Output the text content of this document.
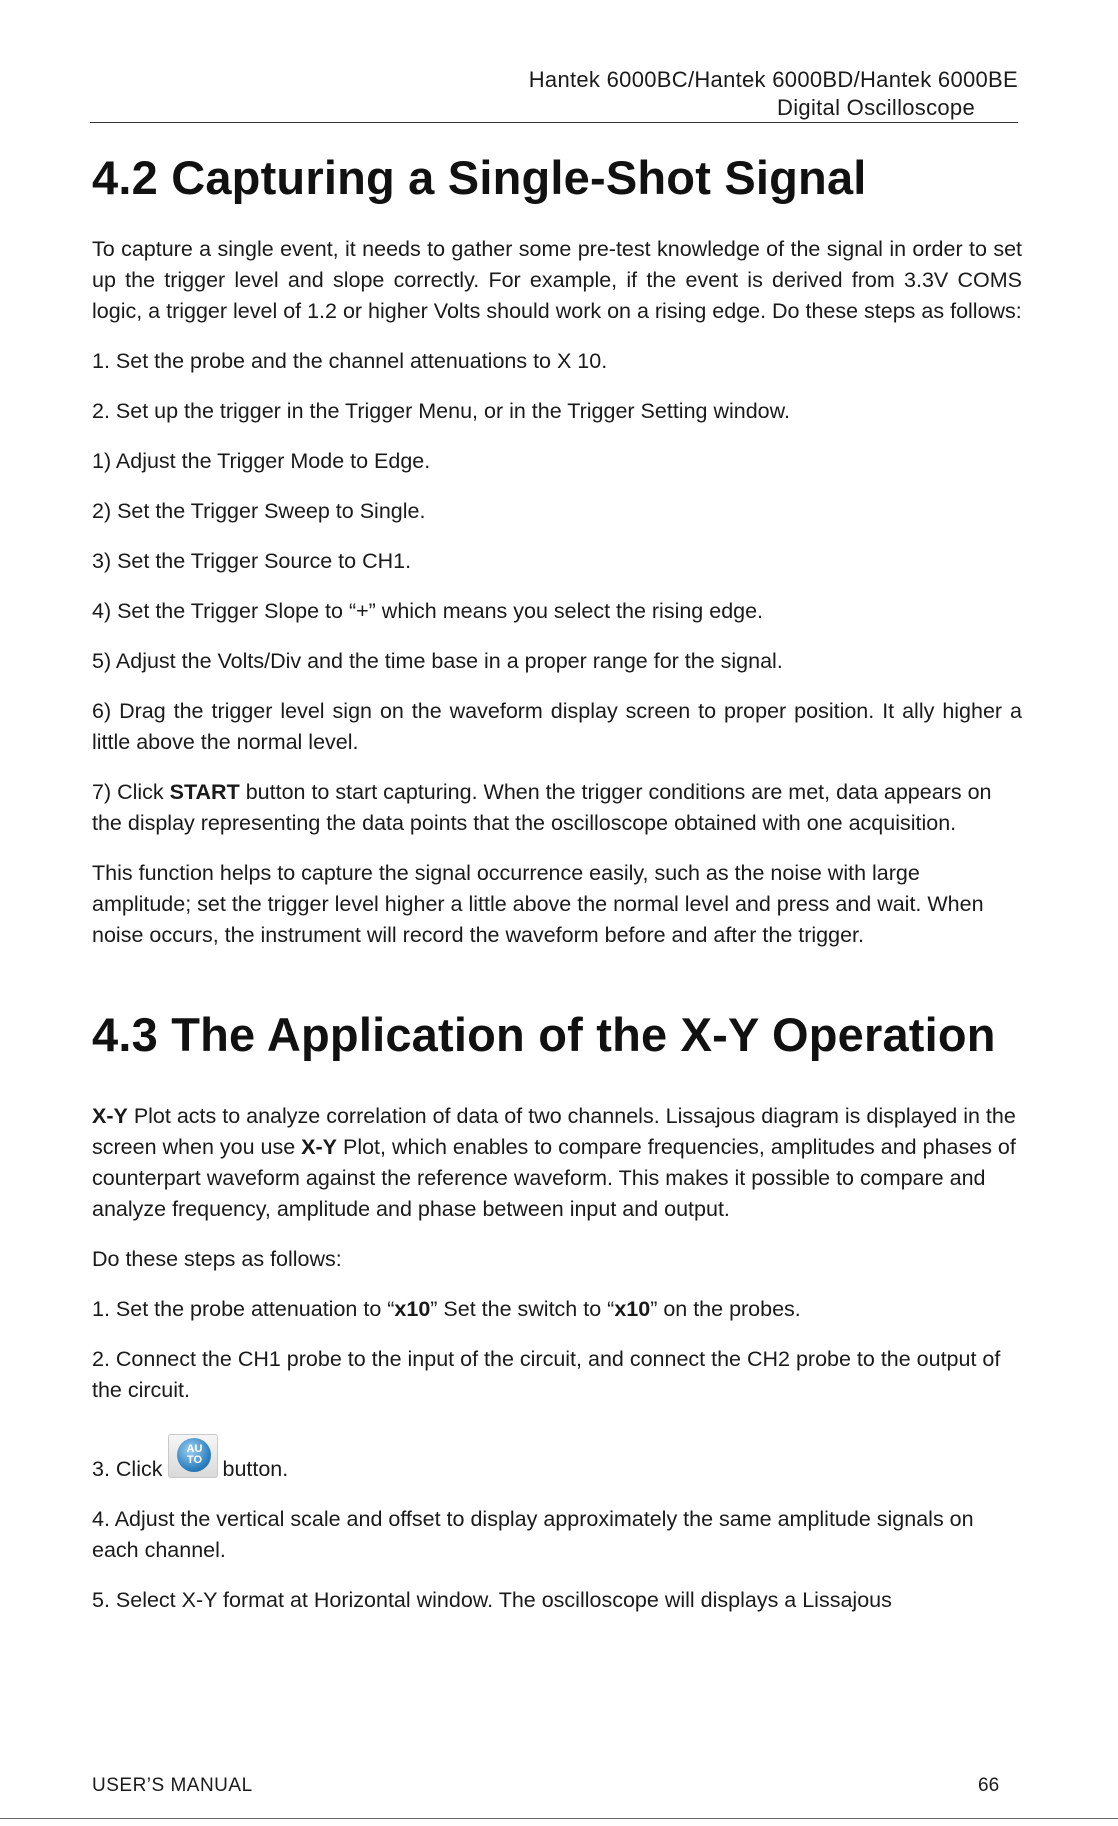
Hantek 6000BC/Hantek 6000BD/Hantek 6000BE
Digital Oscilloscope
4.2 Capturing a Single-Shot Signal

To capture a single event, it needs to gather some pre-test knowledge of the signal in order to set up the trigger level and slope correctly. For example, if the event is derived from 3.3V COMS logic, a trigger level of 1.2 or higher Volts should work on a rising edge. Do these steps as follows:

1. Set the probe and the channel attenuations to X 10.

2. Set up the trigger in the Trigger Menu, or in the Trigger Setting window.

1) Adjust the Trigger Mode to Edge.

2) Set the Trigger Sweep to Single.

3) Set the Trigger Source to CH1.

4) Set the Trigger Slope to “+” which means you select the rising edge.

5) Adjust the Volts/Div and the time base in a proper range for the signal.

6) Drag the trigger level sign on the waveform display screen to proper position. It ally higher a little above the normal level.

7) Click START button to start capturing. When the trigger conditions are met, data appears on the display representing the data points that the oscilloscope obtained with one acquisition.

This function helps to capture the signal occurrence easily, such as the noise with large amplitude; set the trigger level higher a little above the normal level and press and wait. When noise occurs, the instrument will record the waveform before and after the trigger.

4.3 The Application of the X-Y Operation

X-Y Plot acts to analyze correlation of data of two channels. Lissajous diagram is displayed in the screen when you use X-Y Plot, which enables to compare frequencies, amplitudes and phases of counterpart waveform against the reference waveform. This makes it possible to compare and analyze frequency, amplitude and phase between input and output.

Do these steps as follows:

1. Set the probe attenuation to “x10” Set the switch to “x10” on the probes.

2. Connect the CH1 probe to the input of the circuit, and connect the CH2 probe to the output of the circuit.

3. Click
AU TO button.

4. Adjust the vertical scale and offset to display approximately the same amplitude signals on each channel.

5. Select X-Y format at Horizontal window. The oscilloscope will displays a Lissajous

USER’S MANUAL	66
